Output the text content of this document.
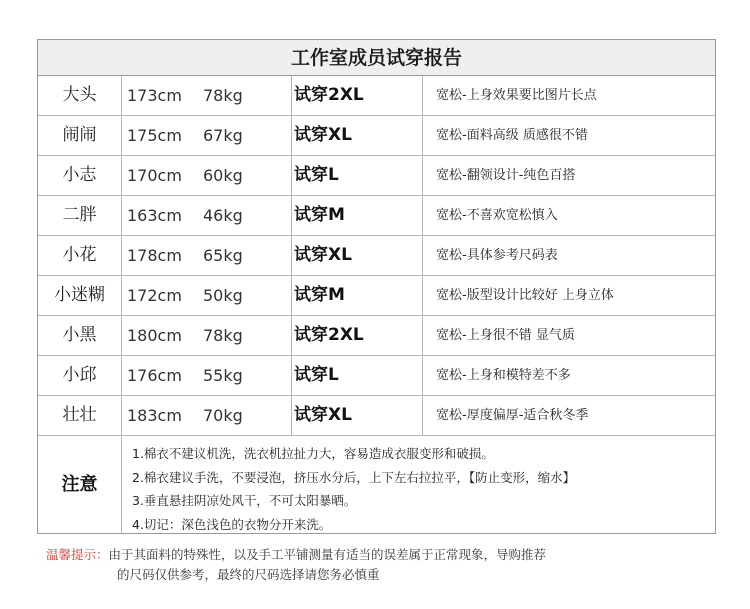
工作室成员试穿报告
大头	173cm	78kg	试穿2XL	宽松-上身效果要比图片长点
闹闹	175cm	67kg	试穿XL	宽松-面料高级 质感很不错
小志	170cm	60kg	试穿L	宽松-翻领设计-纯色百搭
二胖	163cm	46kg	试穿M	宽松-不喜欢宽松慎入
小花	178cm	65kg	试穿XL	宽松-具体参考尺码表
小迷糊	172cm	50kg	试穿M	宽松-版型设计比较好 上身立体
小黑	180cm	78kg	试穿2XL	宽松-上身很不错 显气质
小邱	176cm	55kg	试穿L	宽松-上身和模特差不多
壮壮	183cm	70kg	试穿XL	宽松-厚度偏厚-适合秋冬季
注意
1.棉衣不建议机洗，洗衣机拉扯力大，容易造成衣服变形和破损。
2.棉衣建议手洗，不要浸泡，挤压水分后，上下左右拉拉平，【防止变形，缩水】
3.垂直悬挂阴凉处风干，不可太阳暴晒。
4.切记：深色浅色的衣物分开来洗。
温馨提示：由于其面料的特殊性，以及手工平铺测量有适当的误差属于正常现象，导购推荐
的尺码仅供参考，最终的尺码选择请您务必慎重
